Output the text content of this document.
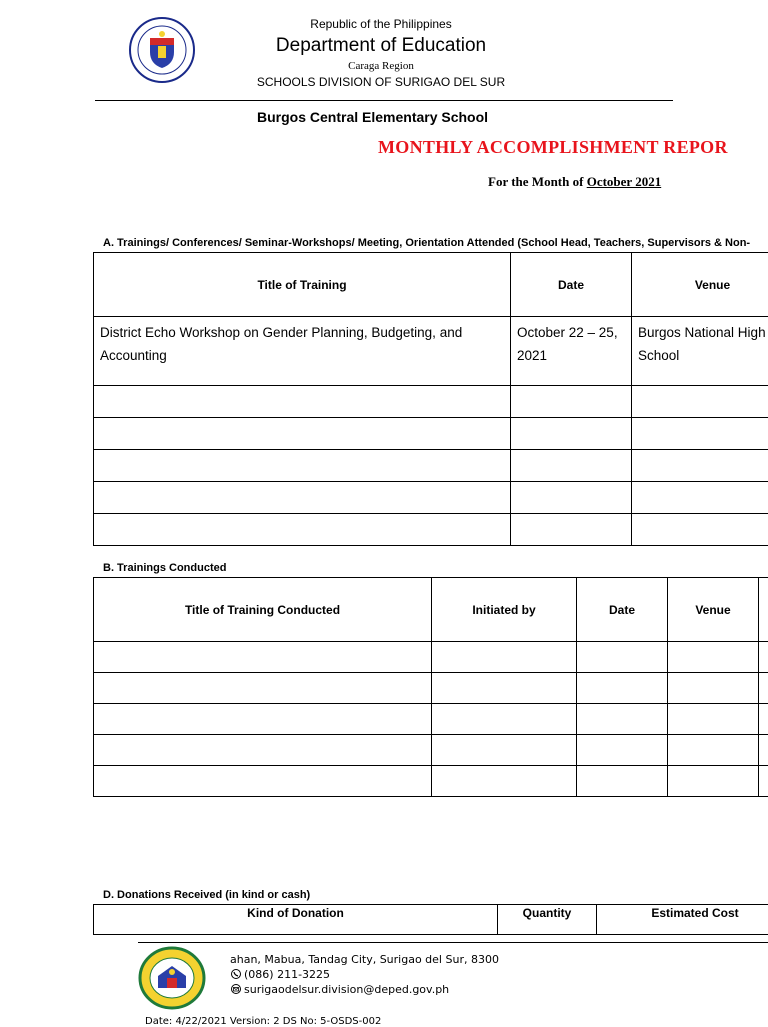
Republic of the Philippines
Department of Education
Caraga Region
SCHOOLS DIVISION OF SURIGAO DEL SUR
Burgos Central Elementary School
MONTHLY ACCOMPLISHMENT REPOR
For the Month of October 2021
A. Trainings/ Conferences/ Seminar-Workshops/ Meeting, Orientation Attended (School Head, Teachers, Supervisors & Non-
Title of Training	Date	Venue
District Echo Workshop on Gender Planning, Budgeting, and Accounting	October 22 – 25, 2021	Burgos National High School

B. Trainings Conducted
Title of Training Conducted	Initiated by	Date	Venue	

D. Donations Received (in kind or cash)
Kind of Donation	Quantity	Estimated Cost
ahan, Mabua, Tandag City, Surigao del Sur, 8300
(086) 211-3225
surigaodelsur.division@deped.gov.ph
Date: 4/22/2021 Version: 2 DS No: 5-OSDS-002
